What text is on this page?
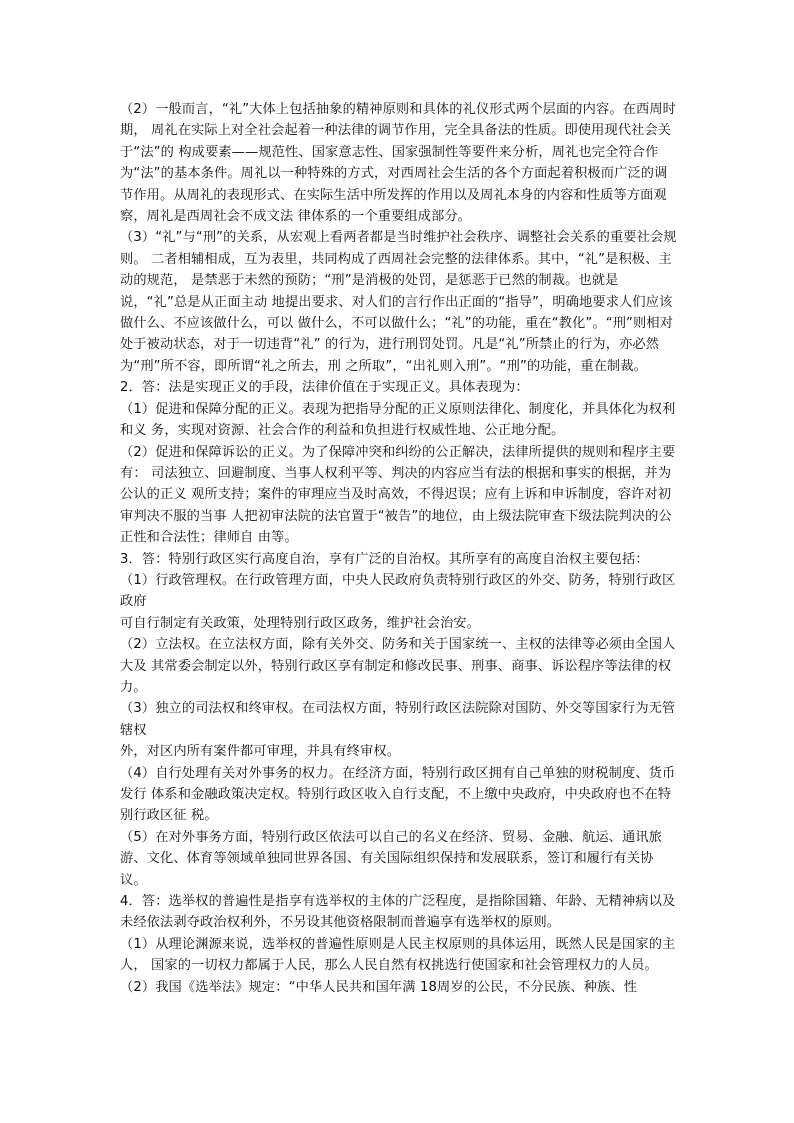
（2）一般而言，“礼”大体上包括抽象的精神原则和具体的礼仪形式两个层面的内容。在西周时期， 周礼在实际上对全社会起着一种法律的调节作用，完全具备法的性质。即使用现代社会关于“法”的 构成要素——规范性、国家意志性、国家强制性等要件来分析，周礼也完全符合作为“法”的基本条件。周礼以一种特殊的方式，对西周社会生活的各个方面起着积极而广泛的调节作用。从周礼的表现形式、在实际生活中所发挥的作用以及周礼本身的内容和性质等方面观察，周礼是西周社会不成文法 律体系的一个重要组成部分。

（3）“礼”与“刑”的关系，从宏观上看两者都是当时维护社会秩序、调整社会关系的重要社会规则。 二者相辅相成，互为表里，共同构成了西周社会完整的法律体系。其中，“礼”是积极、主动的规范， 是禁恶于未然的预防；“刑”是消极的处罚，是惩恶于已然的制裁。也就是说，“礼”总是从正面主动 地提出要求、对人们的言行作出正面的“指导”，明确地要求人们应该做什么、不应该做什么，可以 做什么，不可以做什么；“礼”的功能，重在“教化”。“刑”则相对处于被动状态，对于一切违背“礼” 的行为，进行刑罚处罚。凡是“礼”所禁止的行为，亦必然为“刑”所不容，即所谓“礼之所去，刑 之所取”，“出礼则入刑”。“刑”的功能，重在制裁。

2．答：法是实现正义的手段，法律价值在于实现正义。具体表现为：

（1）促进和保障分配的正义。表现为把指导分配的正义原则法律化、制度化，并具体化为权利和义 务，实现对资源、社会合作的利益和负担进行权威性地、公正地分配。

（2）促进和保障诉讼的正义。为了保障冲突和纠纷的公正解决，法律所提供的规则和程序主要有： 司法独立、回避制度、当事人权利平等、判决的内容应当有法的根据和事实的根据，并为公认的正义 观所支持；案件的审理应当及时高效，不得迟误；应有上诉和申诉制度，容许对初审判决不服的当事 人把初审法院的法官置于“被告”的地位，由上级法院审查下级法院判决的公正性和合法性；律师自 由等。

3．答：特别行政区实行高度自治，享有广泛的自治权。其所享有的高度自治权主要包括：

（1）行政管理权。在行政管理方面，中央人民政府负责特别行政区的外交、防务，特别行政区政府

可自行制定有关政策，处理特别行政区政务，维护社会治安。

（2）立法权。在立法权方面，除有关外交、防务和关于国家统一、主权的法律等必须由全国人大及 其常委会制定以外，特别行政区享有制定和修改民事、刑事、商事、诉讼程序等法律的权力。

（3）独立的司法权和终审权。在司法权方面，特别行政区法院除对国防、外交等国家行为无管辖权

外，对区内所有案件都可审理，并具有终审权。

（4）自行处理有关对外事务的权力。在经济方面，特别行政区拥有自己单独的财税制度、货币发行 体系和金融政策决定权。特别行政区收入自行支配，不上缴中央政府，中央政府也不在特别行政区征 税。

（5）在对外事务方面，特别行政区依法可以自己的名义在经济、贸易、金融、航运、通讯旅游、文化、体育等领域单独同世界各国、有关国际组织保持和发展联系，签订和履行有关协议。

4．答：选举权的普遍性是指享有选举权的主体的广泛程度，是指除国籍、年龄、无精神病以及未经依法剥夺政治权利外，不另设其他资格限制而普遍享有选举权的原则。

（1）从理论渊源来说，选举权的普遍性原则是人民主权原则的具体运用，既然人民是国家的主人， 国家的一切权力都属于人民，那么人民自然有权挑选行使国家和社会管理权力的人员。

（2）我国《选举法》规定：“中华人民共和国年满 18周岁的公民，不分民族、种族、性
